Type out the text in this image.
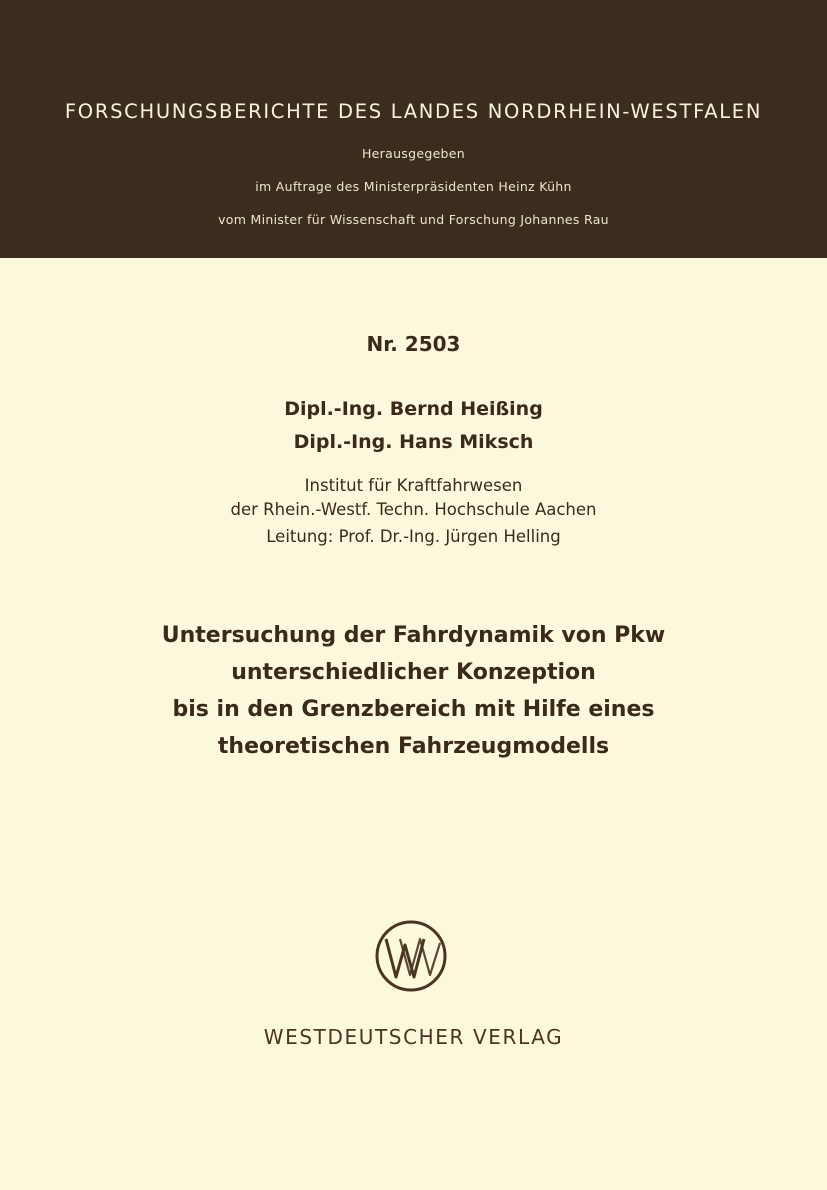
FORSCHUNGSBERICHTE DES LANDES NORDRHEIN-WESTFALEN
Herausgegeben
im Auftrage des Ministerpräsidenten Heinz Kühn
vom Minister für Wissenschaft und Forschung Johannes Rau
Nr. 2503
Dipl.-Ing. Bernd Heißing
Dipl.-Ing. Hans Miksch
Institut für Kraftfahrwesen
der Rhein.-Westf. Techn. Hochschule Aachen
Leitung: Prof. Dr.-Ing. Jürgen Helling
Untersuchung der Fahrdynamik von Pkw
unterschiedlicher Konzeption
bis in den Grenzbereich mit Hilfe eines
theoretischen Fahrzeugmodells
WESTDEUTSCHER VERLAG
